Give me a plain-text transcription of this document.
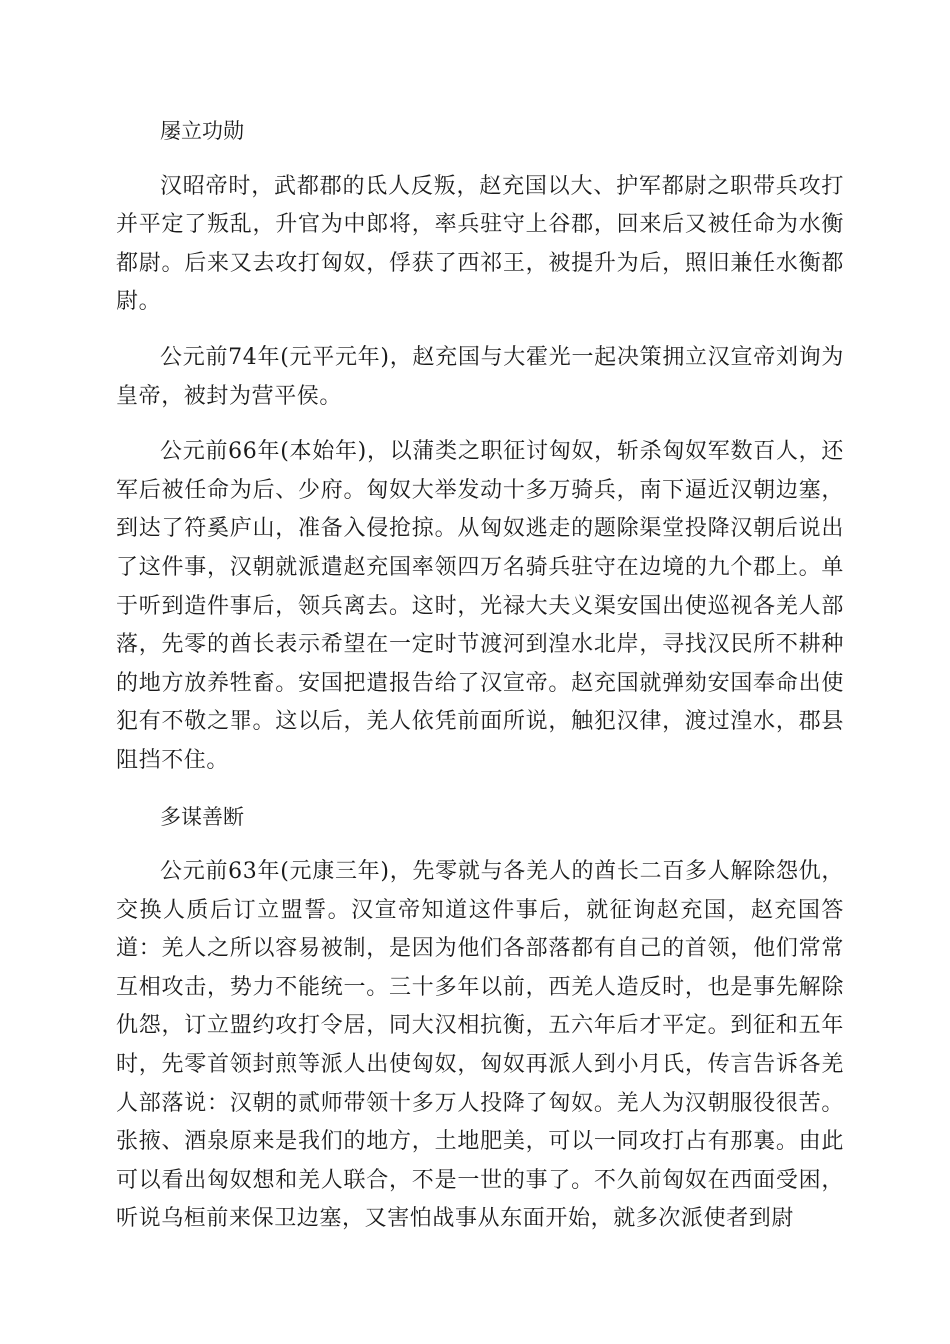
屡立功勋

汉昭帝时，武都郡的氐人反叛，赵充国以大、护军都尉之职带兵攻打并平定了叛乱，升官为中郎将，率兵驻守上谷郡，回来后又被任命为水衡都尉。后来又去攻打匈奴，俘获了西祁王，被提升为后，照旧兼任水衡都尉。

公元前74年(元平元年)，赵充国与大霍光一起决策拥立汉宣帝刘询为皇帝，被封为营平侯。

公元前66年(本始年)，以蒲类之职征讨匈奴，斩杀匈奴军数百人，还军后被任命为后、少府。匈奴大举发动十多万骑兵，南下逼近汉朝边塞，到达了符奚庐山，准备入侵抢掠。从匈奴逃走的题除渠堂投降汉朝后说出了这件事，汉朝就派遣赵充国率领四万名骑兵驻守在边境的九个郡上。单于听到造件事后，领兵离去。这时，光禄大夫义渠安国出使巡视各羌人部落，先零的酋长表示希望在一定时节渡河到湟水北岸，寻找汉民所不耕种的地方放养牲畜。安国把遣报告给了汉宣帝。赵充国就弹劾安国奉命出使犯有不敬之罪。这以后，羌人依凭前面所说，触犯汉律，渡过湟水，郡县阻挡不住。

多谋善断

公元前63年(元康三年)，先零就与各羌人的酋长二百多人解除怨仇，交换人质后订立盟誓。汉宣帝知道这件事后，就征询赵充国，赵充国答道：羌人之所以容易被制，是因为他们各部落都有自己的首领，他们常常互相攻击，势力不能统一。三十多年以前，西羌人造反时，也是事先解除仇怨，订立盟约攻打令居，同大汉相抗衡，五六年后才平定。到征和五年时，先零首领封煎等派人出使匈奴，匈奴再派人到小月氏，传言告诉各羌人部落说：汉朝的贰师带领十多万人投降了匈奴。羌人为汉朝服役很苦。张掖、酒泉原来是我们的地方，土地肥美，可以一同攻打占有那裏。由此可以看出匈奴想和羌人联合，不是一世的事了。不久前匈奴在西面受困，听说乌桓前来保卫边塞，又害怕战事从东面开始，就多次派使者到尉
